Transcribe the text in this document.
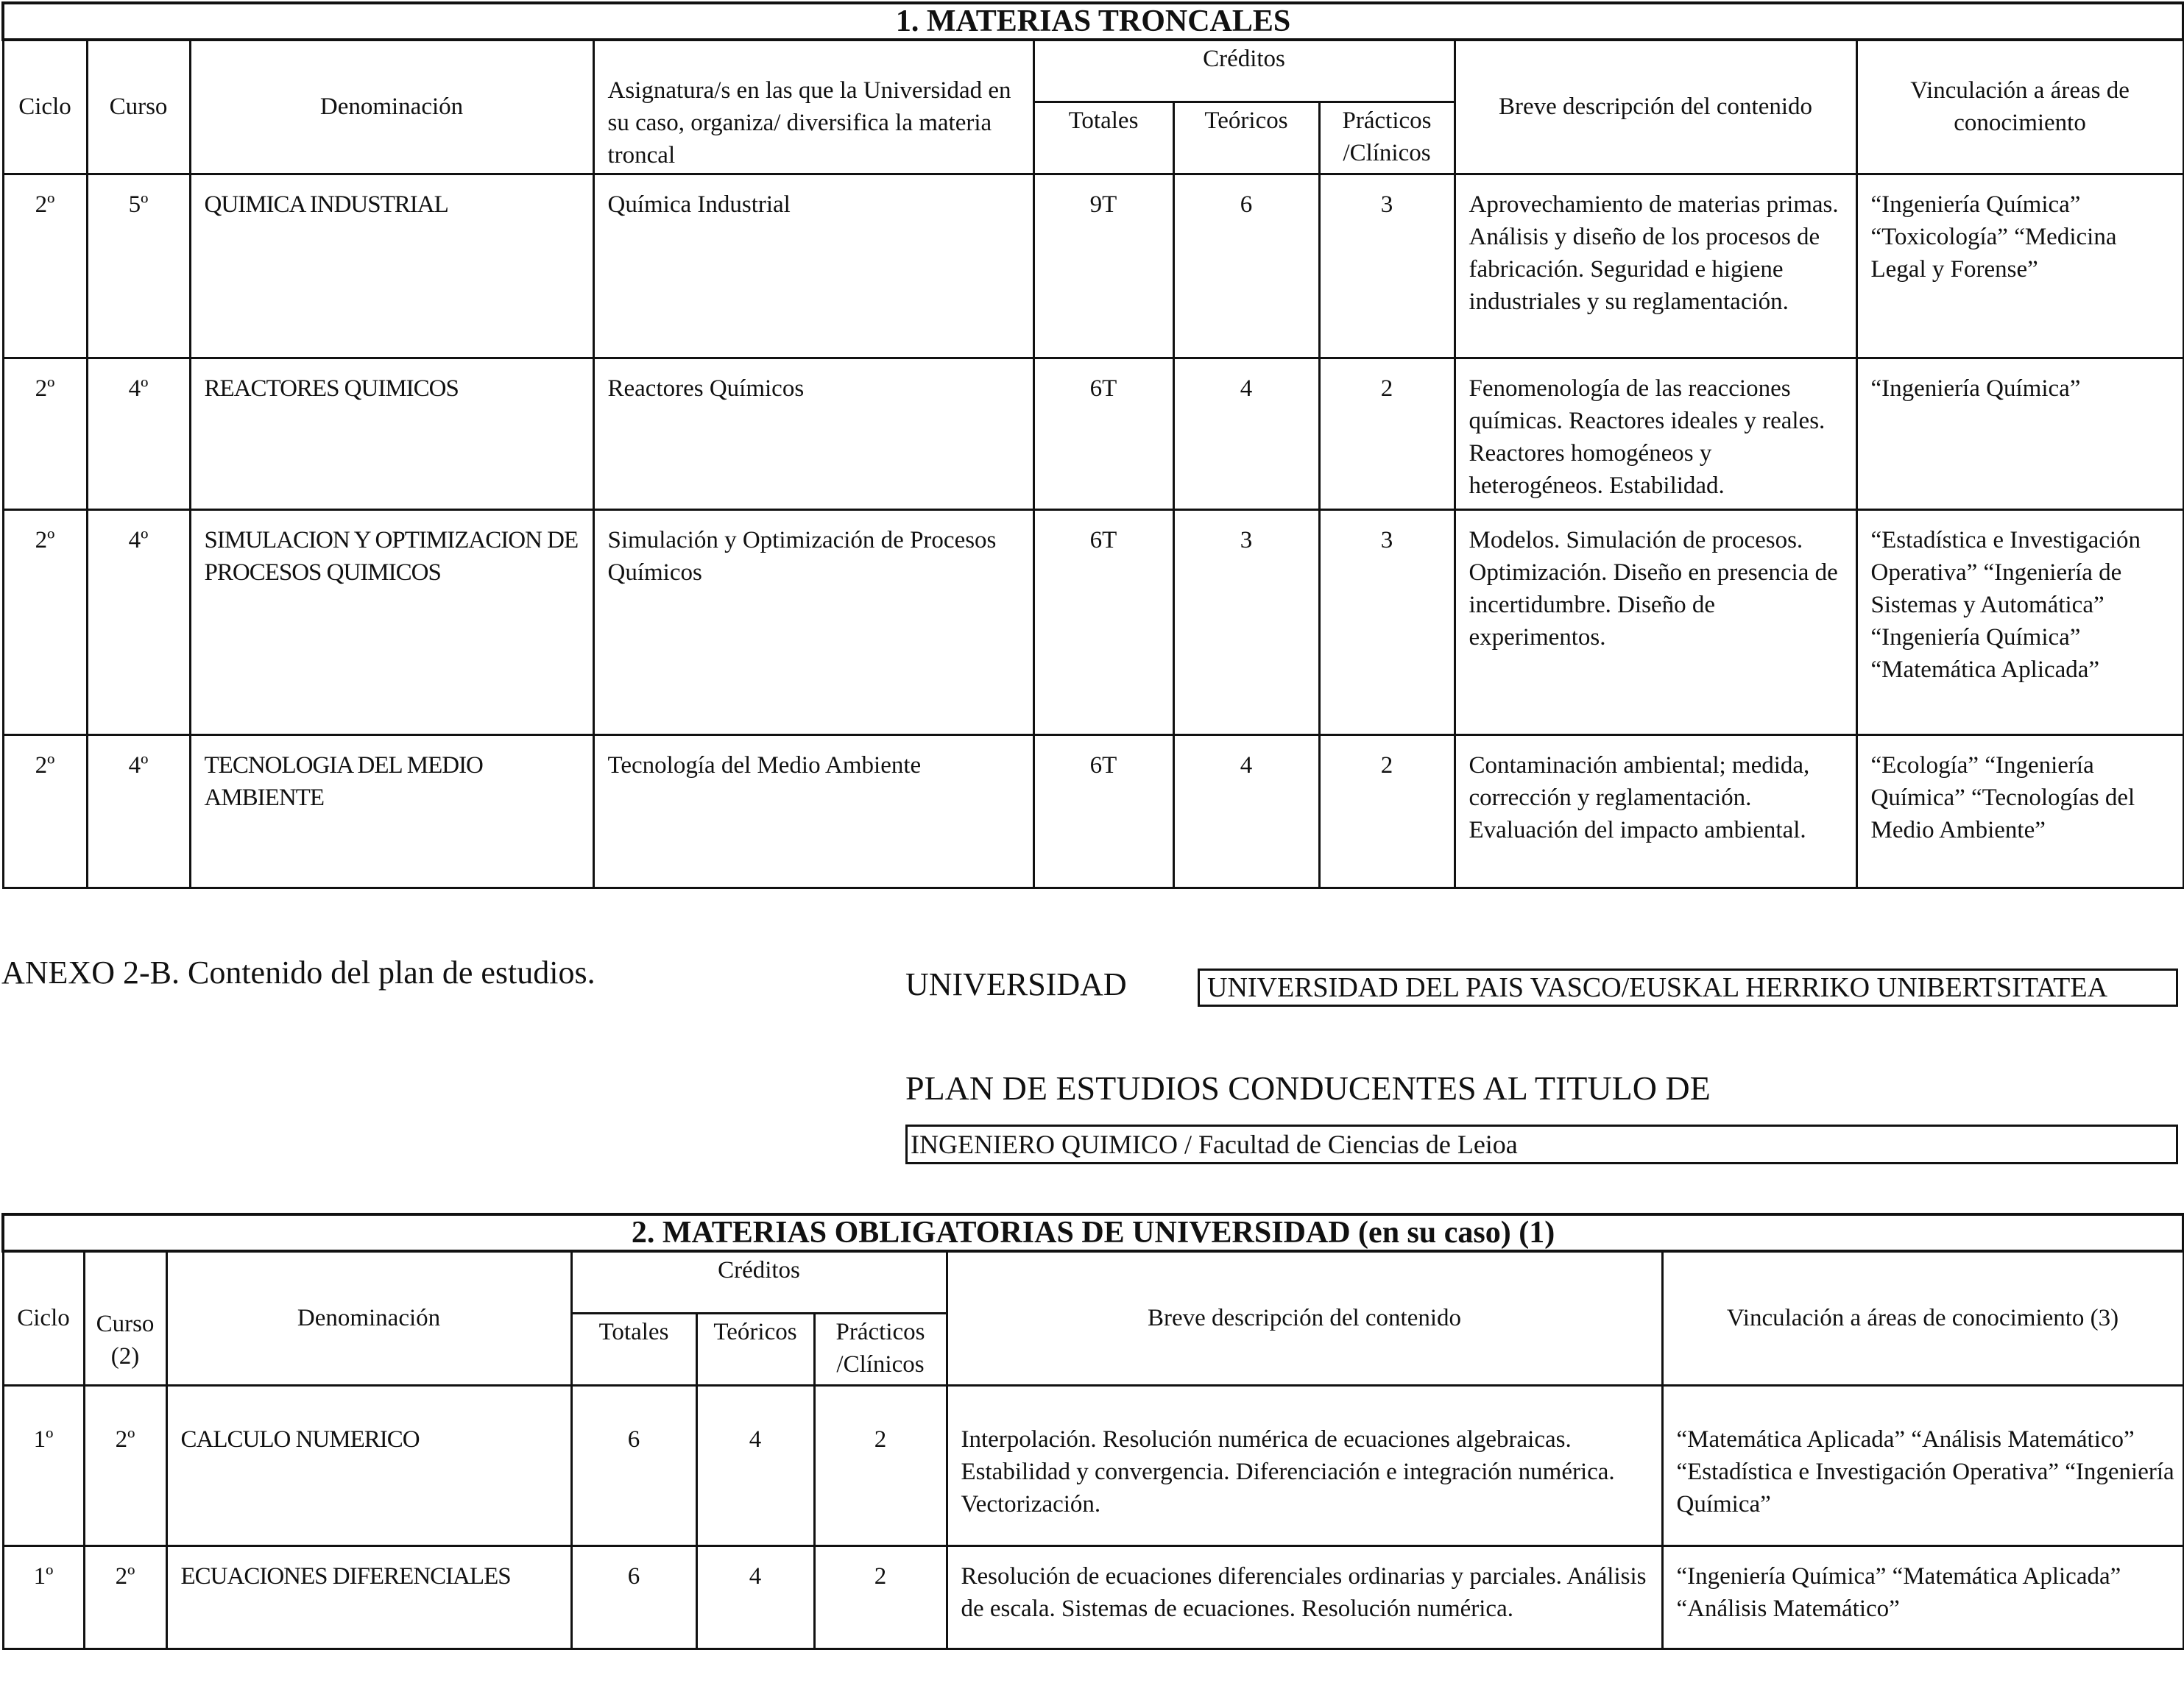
1. MATERIAS TRONCALES								
Ciclo	Curso	Denominación	Asignatura/s en las que la Universidad en su caso, organiza/ diversifica la materia troncal	Créditos			Breve descripción del contenido	Vinculación a áreas de conocimiento
				Totales	Teóricos	Prácticos /Clínicos		
2º	5º	QUIMICA INDUSTRIAL	Química Industrial	9T	6	3	Aprovechamiento de materias primas. Análisis y diseño de los procesos de fabricación. Seguridad e higiene industriales y su reglamentación.	“Ingeniería Química” “Toxicología” “Medicina Legal y Forense”
2º	4º	REACTORES QUIMICOS	Reactores Químicos	6T	4	2	Fenomenología de las reacciones químicas. Reactores ideales y reales. Reactores homogéneos y heterogéneos. Estabilidad.	“Ingeniería Química”
2º	4º	SIMULACION Y OPTIMIZACION DE PROCESOS QUIMICOS	Simulación y Optimización de Procesos Químicos	6T	3	3	Modelos. Simulación de procesos. Optimización. Diseño en presencia de incertidumbre. Diseño de experimentos.	“Estadística e Investigación Operativa” “Ingeniería de Sistemas y Automática” “Ingeniería Química” “Matemática Aplicada”
2º	4º	TECNOLOGIA DEL MEDIO AMBIENTE	Tecnología del Medio Ambiente	6T	4	2	Contaminación ambiental; medida, corrección y reglamentación. Evaluación del impacto ambiental.	“Ecología” “Ingeniería Química” “Tecnologías del Medio Ambiente”
ANEXO 2-B. Contenido del plan de estudios.	UNIVERSIDAD	UNIVERSIDAD DEL PAIS VASCO/EUSKAL HERRIKO UNIBERTSITATEA
PLAN DE ESTUDIOS CONDUCENTES AL TITULO DE
INGENIERO QUIMICO / Facultad de Ciencias de Leioa
2. MATERIAS OBLIGATORIAS DE UNIVERSIDAD (en su caso) (1)							
Ciclo	Curso (2)	Denominación	Créditos			Breve descripción del contenido	Vinculación a áreas de conocimiento (3)
			Totales	Teóricos	Prácticos /Clínicos		
1º	2º	CALCULO NUMERICO	6	4	2	Interpolación. Resolución numérica de ecuaciones algebraicas. Estabilidad y convergencia. Diferenciación e integración numérica. Vectorización.	“Matemática Aplicada” “Análisis Matemático” “Estadística e Investigación Operativa” “Ingeniería Química”
1º	2º	ECUACIONES DIFERENCIALES	6	4	2	Resolución de ecuaciones diferenciales ordinarias y parciales. Análisis de escala. Sistemas de ecuaciones. Resolución numérica.	“Ingeniería Química” “Matemática Aplicada” “Análisis Matemático”
